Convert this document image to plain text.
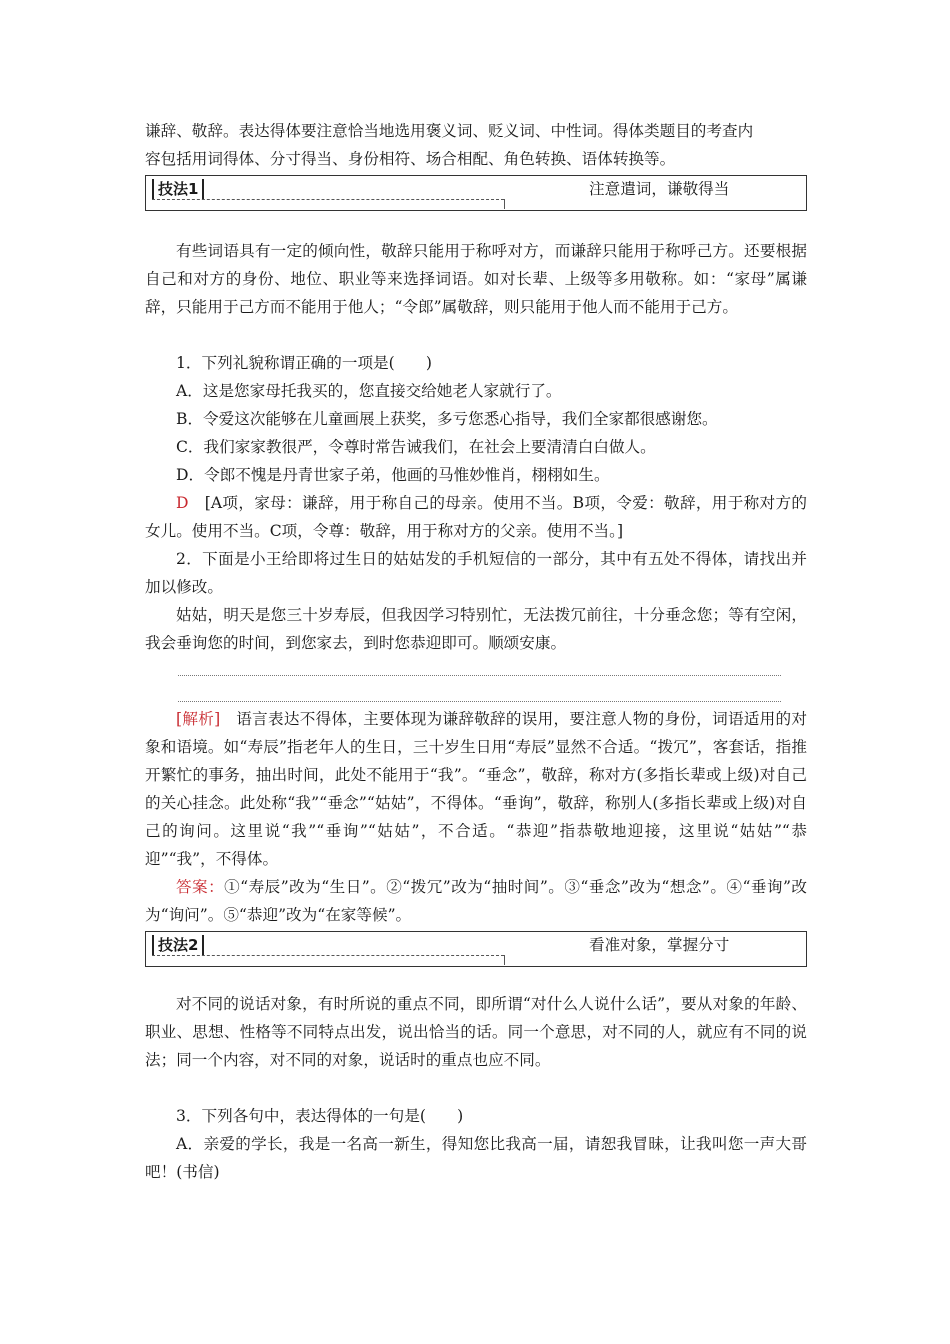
谦辞、敬辞。表达得体要注意恰当地选用褒义词、贬义词、中性词。得体类题目的考查内

容包括用词得体、分寸得当、身份相符、场合相配、角色转换、语体转换等。

技法1	注意遣词，谦敬得当

有些词语具有一定的倾向性，敬辞只能用于称呼对方，而谦辞只能用于称呼己方。还要根据自己和对方的身份、地位、职业等来选择词语。如对长辈、上级等多用敬称。如：“家母”属谦辞，只能用于己方而不能用于他人；“令郎”属敬辞，则只能用于他人而不能用于己方。

1．下列礼貌称谓正确的一项是(　　)

A．这是您家母托我买的，您直接交给她老人家就行了。

B．令爱这次能够在儿童画展上获奖，多亏您悉心指导，我们全家都很感谢您。

C．我们家家教很严，令尊时常告诫我们，在社会上要清清白白做人。

D．令郎不愧是丹青世家子弟，他画的马惟妙惟肖，栩栩如生。

D　 [A项，家母：谦辞，用于称自己的母亲。使用不当。B项，令爱：敬辞，用于称对方的女儿。使用不当。C项，令尊：敬辞，用于称对方的父亲。使用不当。]

2．下面是小王给即将过生日的姑姑发的手机短信的一部分，其中有五处不得体，请找出并加以修改。

姑姑，明天是您三十岁寿辰，但我因学习特别忙，无法拨冗前往，十分垂念您；等有空闲，我会垂询您的时间，到您家去，到时您恭迎即可。顺颂安康。

[解析]　 语言表达不得体，主要体现为谦辞敬辞的误用，要注意人物的身份，词语适用的对象和语境。如“寿辰”指老年人的生日，三十岁生日用“寿辰”显然不合适。“拨冗”，客套话，指推开繁忙的事务，抽出时间，此处不能用于“我”。“垂念”，敬辞，称对方(多指长辈或上级)对自己的关心挂念。此处称“我”“垂念”“姑姑”，不得体。“垂询”，敬辞，称别人(多指长辈或上级)对自己的询问。这里说“我”“垂询”“姑姑”，不合适。“恭迎”指恭敬地迎接，这里说“姑姑”“恭迎”“我”，不得体。

答案：①“寿辰”改为“生日”。②“拨冗”改为“抽时间”。③“垂念”改为“想念”。④“垂询”改为“询问”。⑤“恭迎”改为“在家等候”。

技法2	看准对象，掌握分寸

对不同的说话对象，有时所说的重点不同，即所谓“对什么人说什么话”，要从对象的年龄、职业、思想、性格等不同特点出发，说出恰当的话。同一个意思，对不同的人，就应有不同的说法；同一个内容，对不同的对象，说话时的重点也应不同。

3．下列各句中，表达得体的一句是(　　)

A．亲爱的学长，我是一名高一新生，得知您比我高一届，请恕我冒昧，让我叫您一声大哥吧！(书信)
